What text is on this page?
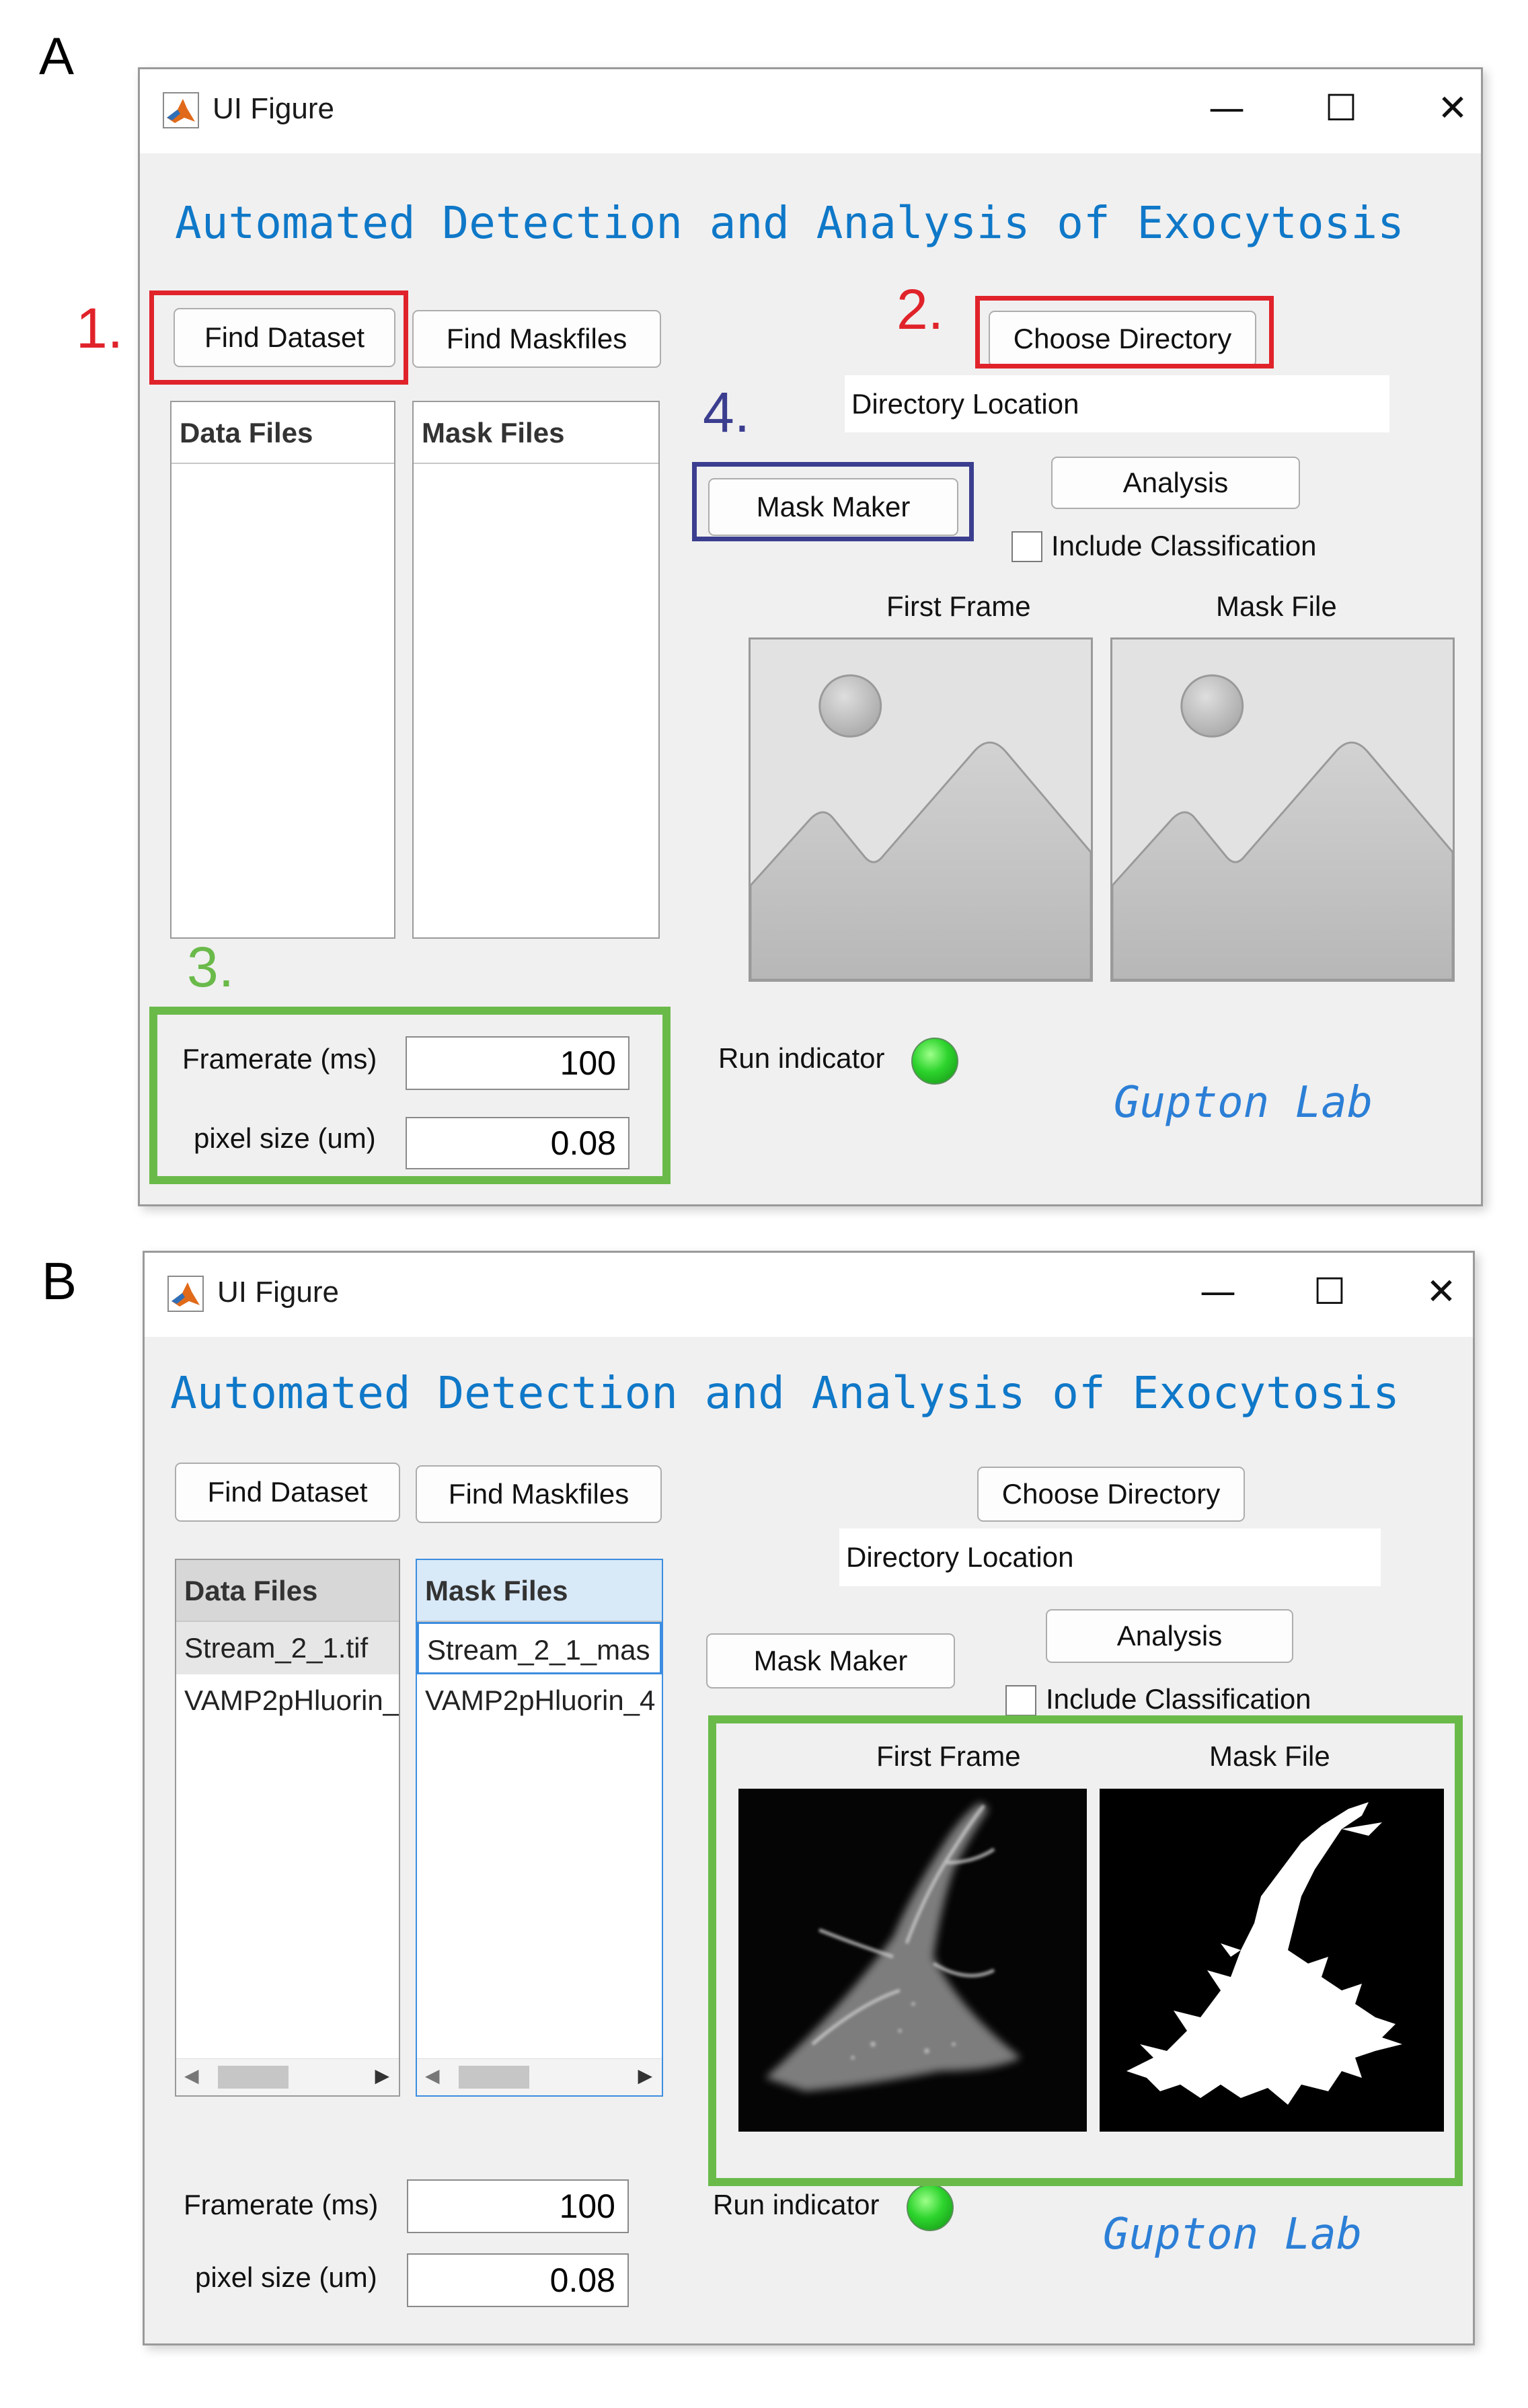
A
UI Figure	— ☐	✕
Automated Detection and Analysis of Exocytosis
Find Dataset	Find Maskfiles	Choose Directory
Directory Location
Data Files	Mask Files
Mask Maker
Analysis
Include Classification
First Frame	Mask File
Framerate (ms)	100
pixel size (um)	0.08
Run indicator
Gupton Lab
1.	2.
4.
3.
B	UI Figure	— ☐	✕
Automated Detection and Analysis of Exocytosis
Find Dataset	Find Maskfiles	Choose Directory
Directory Location
Data Files
Stream_2_1.tif
VAMP2pHluorin_
◀	▶
Mask Files
Stream_2_1_mas
VAMP2pHluorin_4
◀	▶
Mask Maker
Analysis
Include Classification
First Frame	Mask File
Framerate (ms)	100
pixel size (um)	0.08
Run indicator
Gupton Lab
